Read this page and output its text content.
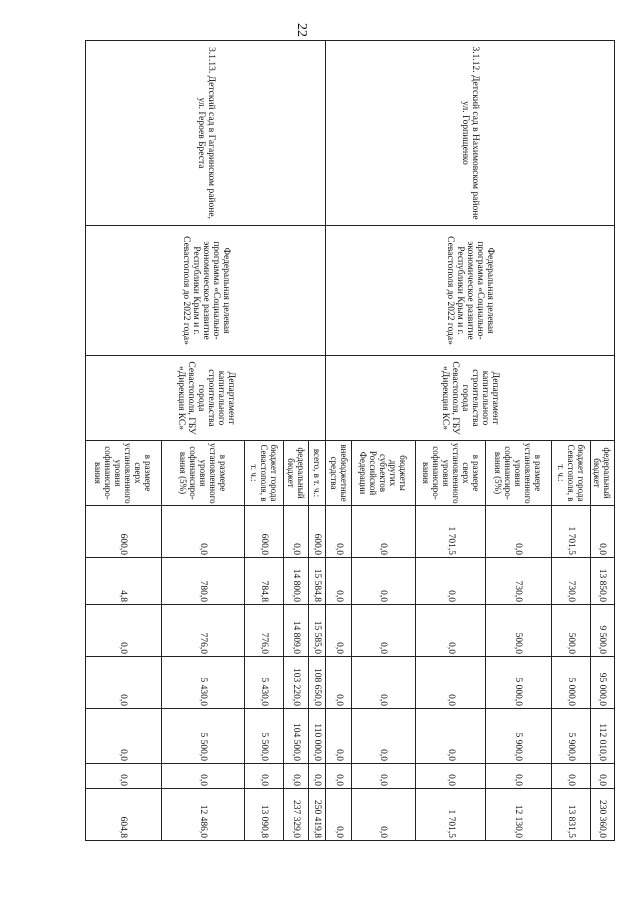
22
3.1.12. Детский сад в Нахимовском районе ул. Горпищенко	Федеральная целевая программа «Социально-экономическое развитие Республики Крым и г. Севастополя до 2022 года»	Департамент капитального строительства города Севастополя, ГБУ «Дирекция КС»	федеральный бюджет	0,0	13 850,0	9 500,0	95 000,0	112 010,0	0,0	230 360,0
			бюджет города Севастополя, в т. ч.:	1 701,5	730,0	500,0	5 000,0	5 900,0	0,0	13 831,5
			в размере установленного уровня софинансиро-вания (5%)	0,0	730,0	500,0	5 000,0	5 900,0	0,0	12 130,0
			в размере сверх установленного уровня софинансиро-вания	1 701,5	0,0	0,0	0,0	0,0	0,0	1 701,5
			бюджеты других субъектов Российской Федерации	0,0	0,0	0,0	0,0	0,0	0,0	0,0
			внебюджетные средства	0,0	0,0	0,0	0,0	0,0	0,0	0,0
3.1.13. Детский сад в Гагаринском районе, ул. Героев Бреста	Федеральная целевая программа «Социально-экономическое развитие Республики Крым и г. Севастополя до 2022 года»	Департамент капитального строительства города Севастополя, ГБУ «Дирекция КС»	всего, в т. ч.:	600,0	15 584,8	15 585,0	108 650,0	110 000,0	0,0	250 419,8
			федеральный бюджет	0,0	14 800,0	14 809,0	103 220,0	104 500,0	0,0	237 329,0
			бюджет города Севастополя, в т. ч.:	600,0	784,8	776,0	5 430,0	5 500,0	0,0	13 090,8
			в размере установленного уровня софинансиро-вания (5%)	0,0	780,0	776,0	5 430,0	5 500,0	0,0	12 486,0
			в размере сверх установленного уровня софинансиро-вания	600,0	4,8	0,0	0,0	0,0	0,0	604,8
